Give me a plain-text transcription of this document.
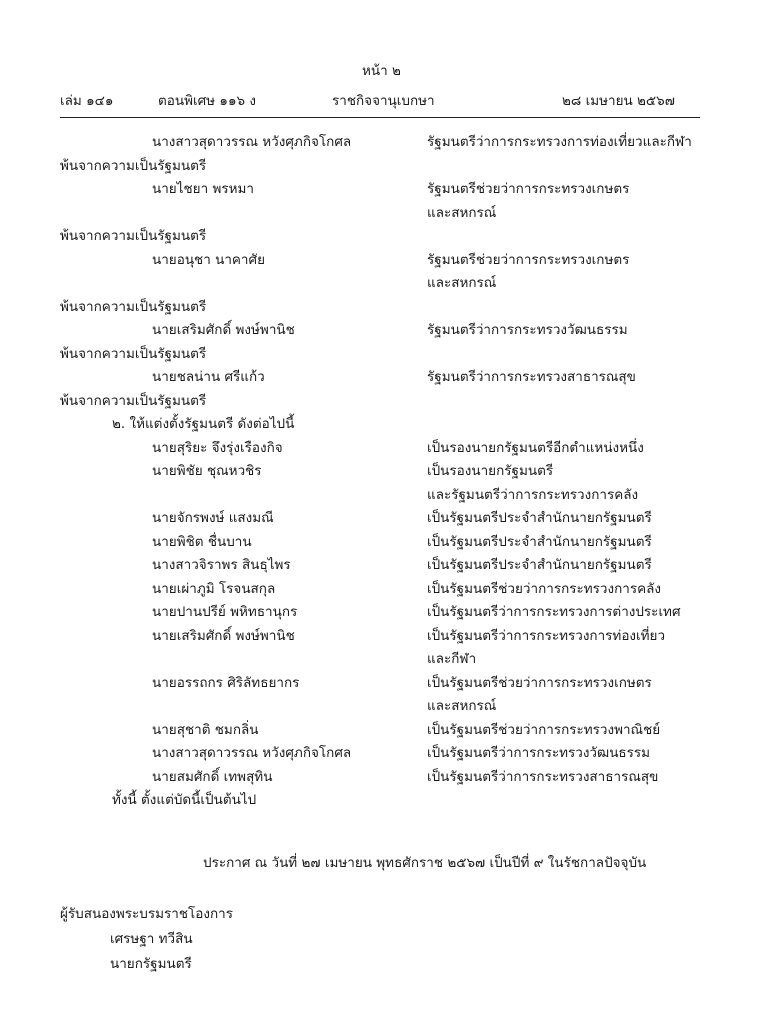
หน้า ๒
เล่ม ๑๔๑	ตอนพิเศษ ๑๑๖ ง	ราชกิจจานุเบกษา	๒๘ เมษายน ๒๕๖๗
นางสาวสุดาวรรณ หวังศุภกิจโกศล	รัฐมนตรีว่าการกระทรวงการท่องเที่ยวและกีฬา
พ้นจากความเป็นรัฐมนตรี
นายไชยา พรหมา	รัฐมนตรีช่วยว่าการกระทรวงเกษตร
และสหกรณ์
พ้นจากความเป็นรัฐมนตรี
นายอนุชา นาคาศัย	รัฐมนตรีช่วยว่าการกระทรวงเกษตร
และสหกรณ์
พ้นจากความเป็นรัฐมนตรี
นายเสริมศักดิ์ พงษ์พานิช	รัฐมนตรีว่าการกระทรวงวัฒนธรรม
พ้นจากความเป็นรัฐมนตรี
นายชลน่าน ศรีแก้ว	รัฐมนตรีว่าการกระทรวงสาธารณสุข
พ้นจากความเป็นรัฐมนตรี
๒. ให้แต่งตั้งรัฐมนตรี ดังต่อไปนี้
นายสุริยะ จึงรุ่งเรืองกิจ	เป็นรองนายกรัฐมนตรีอีกตำแหน่งหนึ่ง
นายพิชัย ชุณหวชิร	เป็นรองนายกรัฐมนตรี
และรัฐมนตรีว่าการกระทรวงการคลัง
นายจักรพงษ์ แสงมณี	เป็นรัฐมนตรีประจำสำนักนายกรัฐมนตรี
นายพิชิต ชื่นบาน	เป็นรัฐมนตรีประจำสำนักนายกรัฐมนตรี
นางสาวจิราพร สินธุไพร	เป็นรัฐมนตรีประจำสำนักนายกรัฐมนตรี
นายเผ่าภูมิ โรจนสกุล	เป็นรัฐมนตรีช่วยว่าการกระทรวงการคลัง
นายปานปรีย์ พหิทธานุกร	เป็นรัฐมนตรีว่าการกระทรวงการต่างประเทศ
นายเสริมศักดิ์ พงษ์พานิช	เป็นรัฐมนตรีว่าการกระทรวงการท่องเที่ยว
และกีฬา
นายอรรถกร ศิริลัทธยากร	เป็นรัฐมนตรีช่วยว่าการกระทรวงเกษตร
และสหกรณ์
นายสุชาติ ชมกลิ่น	เป็นรัฐมนตรีช่วยว่าการกระทรวงพาณิชย์
นางสาวสุดาวรรณ หวังศุภกิจโกศล	เป็นรัฐมนตรีว่าการกระทรวงวัฒนธรรม
นายสมศักดิ์ เทพสุทิน	เป็นรัฐมนตรีว่าการกระทรวงสาธารณสุข
ทั้งนี้ ตั้งแต่บัดนี้เป็นต้นไป
ประกาศ ณ วันที่ ๒๗ เมษายน พุทธศักราช ๒๕๖๗ เป็นปีที่ ๙ ในรัชกาลปัจจุบัน
ผู้รับสนองพระบรมราชโองการ
เศรษฐา ทวีสิน
นายกรัฐมนตรี
